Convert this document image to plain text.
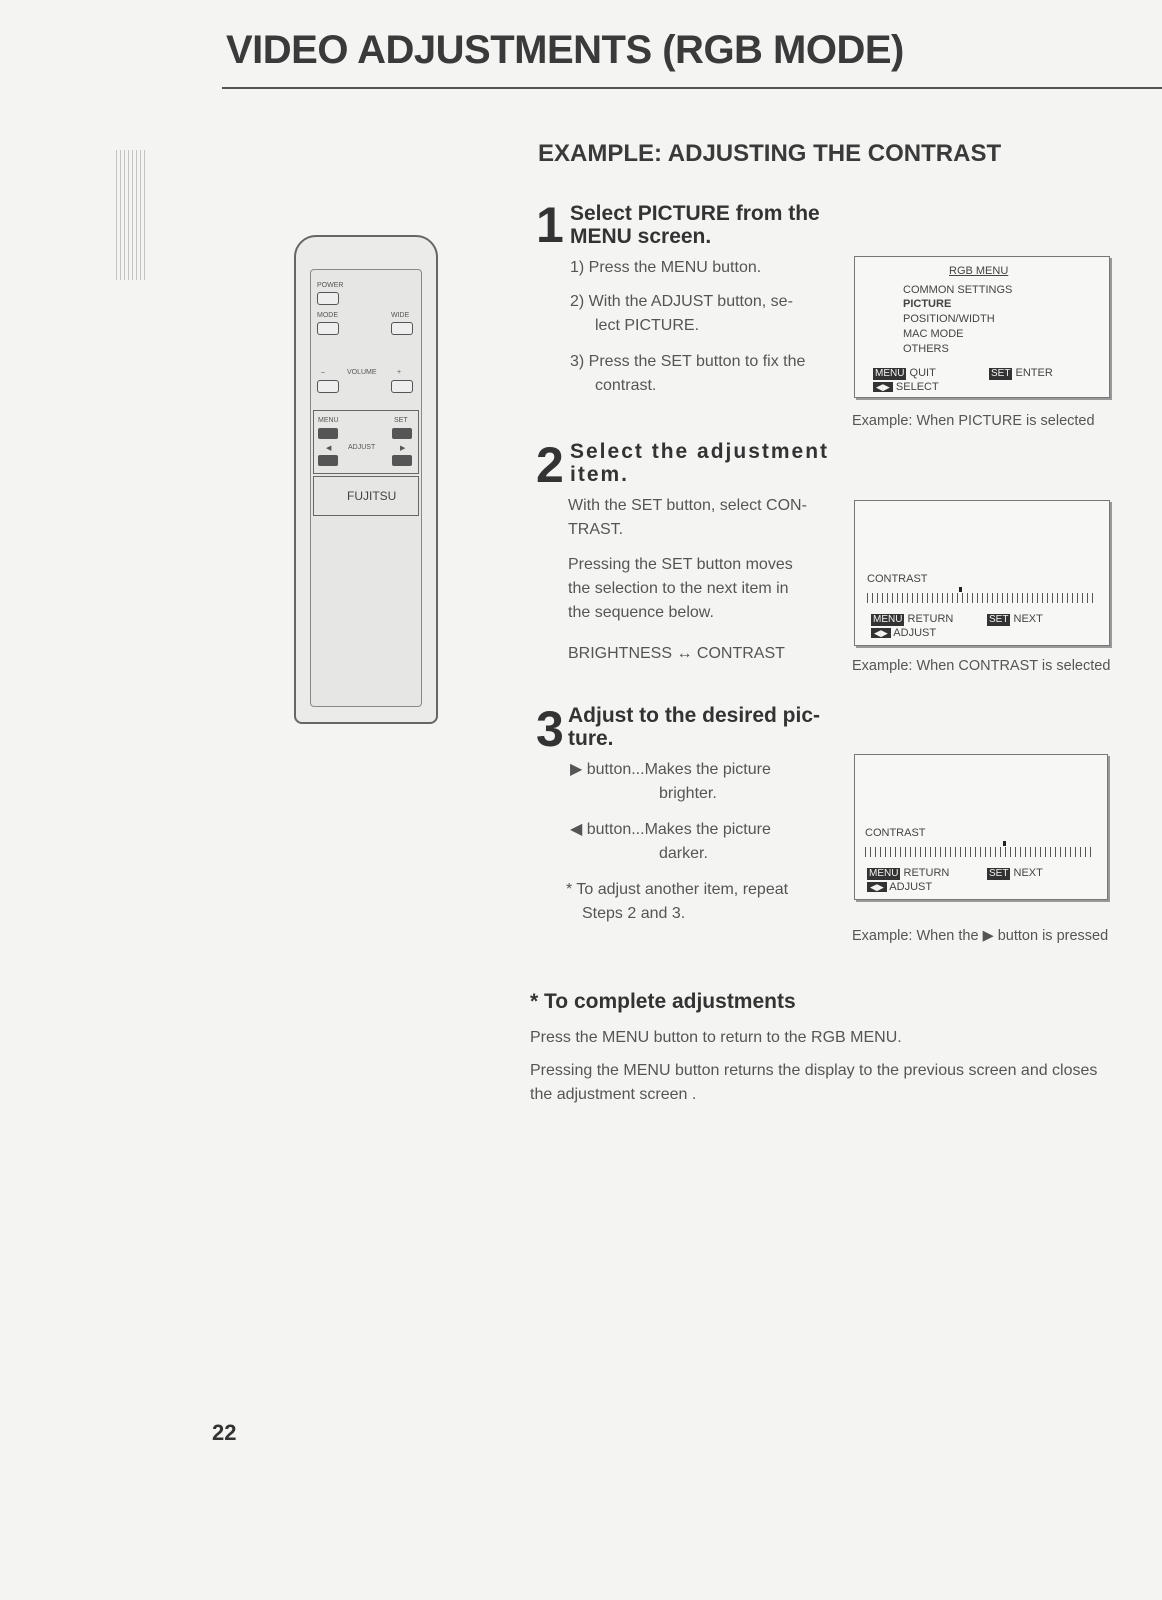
VIDEO ADJUSTMENTS (RGB MODE)
POWER
MODE	WIDE
–	VOLUME	+
MENU	SET
◀ ADJUST	▶
FUJITSU
EXAMPLE: ADJUSTING THE CONTRAST
1 Select PICTURE from the MENU screen.
1) Press the MENU button.
2) With the ADJUST button, se-
lect PICTURE.
3) Press the SET button to fix the
contrast.
2 Select the adjustment item.
With the SET button, select CON-
TRAST.
Pressing the SET button moves
the selection to the next item in
the sequence below.
BRIGHTNESS ↔ CONTRAST
3 Adjust to the desired pic- ture.
▶ button...Makes the picture
brighter.
◀ button...Makes the picture
darker.
* To adjust another item, repeat
Steps 2 and 3.
RGB MENU
COMMON SETTINGS
PICTURE
POSITION/WIDTH
MAC MODE
OTHERS
MENU QUIT	SET ENTER
◀▶ SELECT
Example: When PICTURE is selected
CONTRAST
MENU RETURN	SET NEXT
◀▶ ADJUST
Example: When CONTRAST is selected
CONTRAST
MENU RETURN	SET NEXT
◀▶ ADJUST
Example: When the ▶ button is pressed
* To complete adjustments
Press the MENU button to return to the RGB MENU.
Pressing the MENU button returns the display to the previous screen and closes
the adjustment screen .
22
